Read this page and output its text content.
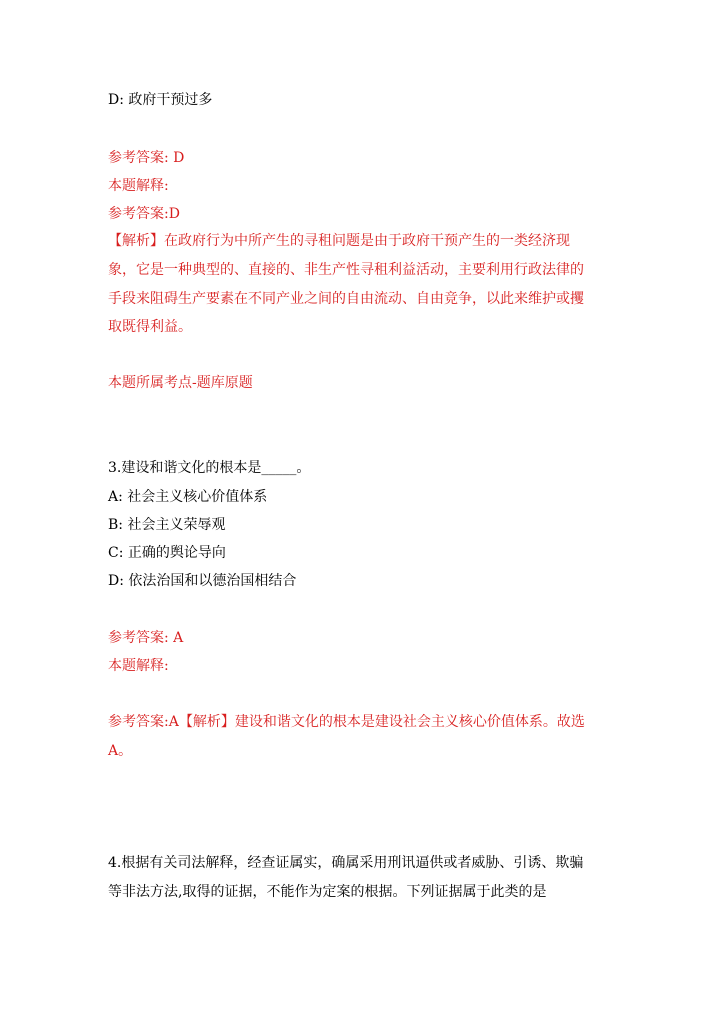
D: 政府干预过多
参考答案: D
本题解释:
参考答案:D
【解析】在政府行为中所产生的寻租问题是由于政府干预产生的一类经济现
象，它是一种典型的、直接的、非生产性寻租利益活动，主要利用行政法律的
手段来阻碍生产要素在不同产业之间的自由流动、自由竞争，以此来维护或攫
取既得利益。
本题所属考点-题库原题
3.建设和谐文化的根本是_____。
A: 社会主义核心价值体系
B: 社会主义荣辱观
C: 正确的舆论导向
D: 依法治国和以德治国相结合
参考答案: A
本题解释:
参考答案:A【解析】建设和谐文化的根本是建设社会主义核心价值体系。故选
A。
4.根据有关司法解释，经查证属实，确属采用刑讯逼供或者威胁、引诱、欺骗
等非法方法,取得的证据，不能作为定案的根据。下列证据属于此类的是
